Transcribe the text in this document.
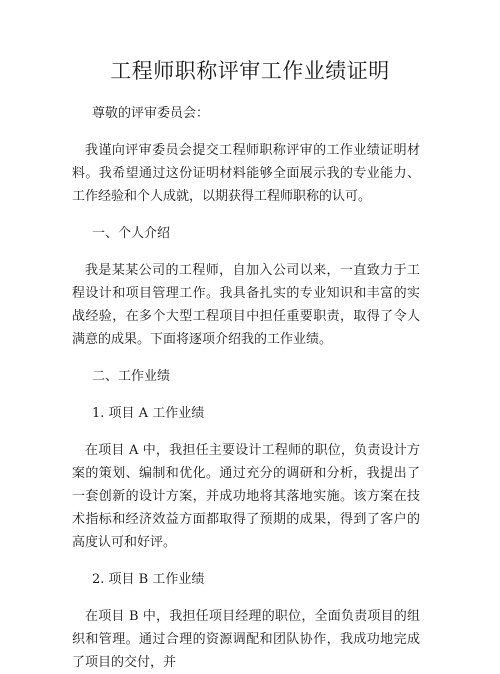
工程师职称评审工作业绩证明

尊敬的评审委员会：

我谨向评审委员会提交工程师职称评审的工作业绩证明材料。我希望通过这份证明材料能够全面展示我的专业能力、工作经验和个人成就，以期获得工程师职称的认可。

一、个人介绍

我是某某公司的工程师，自加入公司以来，一直致力于工程设计和项目管理工作。我具备扎实的专业知识和丰富的实战经验，在多个大型工程项目中担任重要职责，取得了令人满意的成果。下面将逐项介绍我的工作业绩。

二、工作业绩

1. 项目 A 工作业绩

在项目 A 中，我担任主要设计工程师的职位，负责设计方案的策划、编制和优化。通过充分的调研和分析，我提出了一套创新的设计方案，并成功地将其落地实施。该方案在技术指标和经济效益方面都取得了预期的成果，得到了客户的高度认可和好评。

2. 项目 B 工作业绩

在项目 B 中，我担任项目经理的职位，全面负责项目的组织和管理。通过合理的资源调配和团队协作，我成功地完成了项目的交付，并
